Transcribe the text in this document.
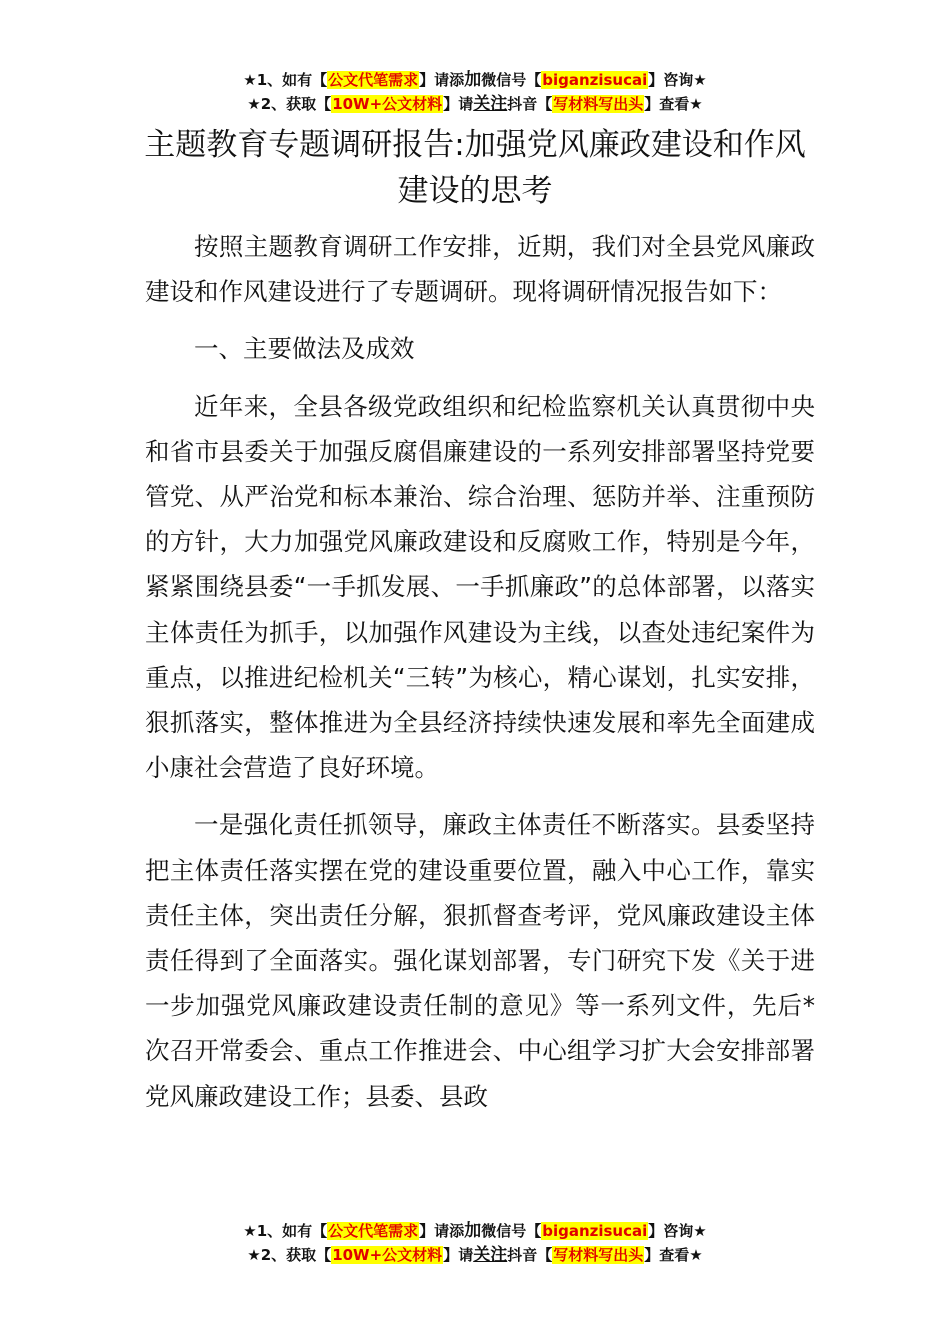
★1、如有【公文代笔需求】请添加微信号【biganzisucai】咨询★
★2、获取【10W+公文材料】请关注抖音【写材料写出头】查看★
主题教育专题调研报告:加强党风廉政建设和作风建设的思考

按照主题教育调研工作安排，近期，我们对全县党风廉政建设和作风建设进行了专题调研。现将调研情况报告如下：

一、主要做法及成效

近年来，全县各级党政组织和纪检监察机关认真贯彻中央和省市县委关于加强反腐倡廉建设的一系列安排部署坚持党要管党、从严治党和标本兼治、综合治理、惩防并举、注重预防的方针，大力加强党风廉政建设和反腐败工作，特别是今年，紧紧围绕县委“一手抓发展、一手抓廉政”的总体部署，以落实主体责任为抓手，以加强作风建设为主线，以查处违纪案件为重点，以推进纪检机关“三转”为核心，精心谋划，扎实安排，狠抓落实，整体推进为全县经济持续快速发展和率先全面建成小康社会营造了良好环境。

一是强化责任抓领导，廉政主体责任不断落实。县委坚持把主体责任落实摆在党的建设重要位置，融入中心工作，靠实责任主体，突出责任分解，狠抓督查考评，党风廉政建设主体责任得到了全面落实。强化谋划部署，专门研究下发《关于进一步加强党风廉政建设责任制的意见》等一系列文件，先后*次召开常委会、重点工作推进会、中心组学习扩大会安排部署党风廉政建设工作；县委、县政

★1、如有【公文代笔需求】请添加微信号【biganzisucai】咨询★
★2、获取【10W+公文材料】请关注抖音【写材料写出头】查看★
